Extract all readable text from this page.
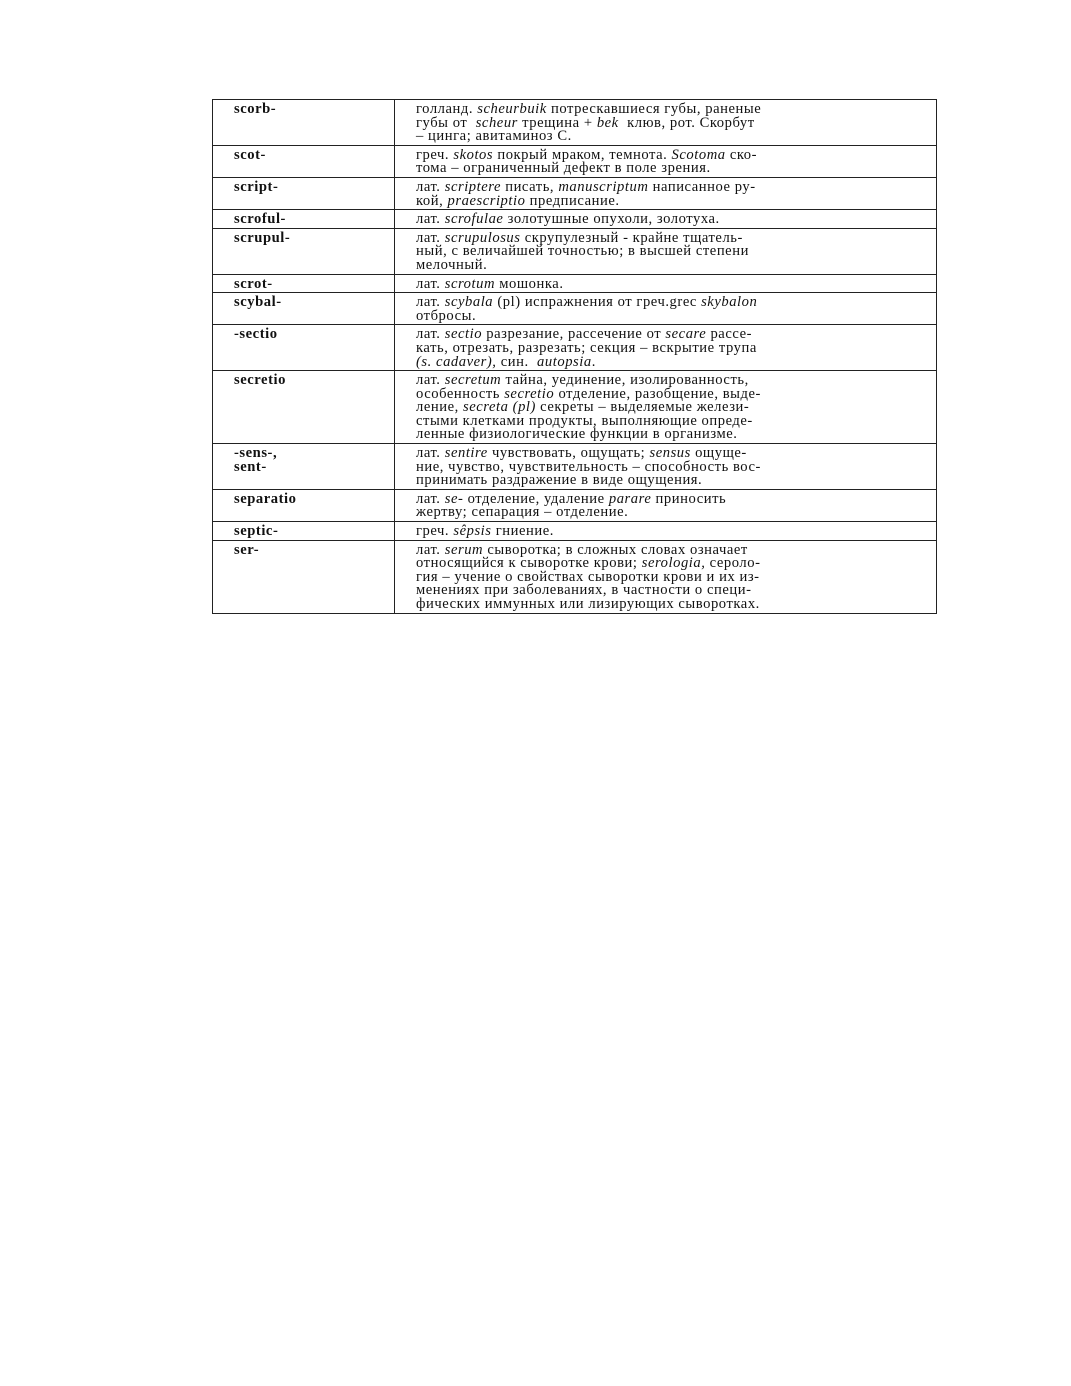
scorb-	голланд. scheurbuik потрескавшиеся губы, раненые
губы от  scheur трещина + bek  клюв, рот. Скорбут
– цинга; авитаминоз С.

scot-	греч. skotos покрый мраком, темнота. Scotoma ско-
тома – ограниченный дефект в поле зрения.

script-	лат. scriptere писать, manuscriptum написанное ру-
кой, praescriptio предписание.

scroful-	лат. scrofulae золотушные опухоли, золотуха.

scrupul-	лат. scrupulosus скрупулезный - крайне тщатель-
ный, с величайшей точностью; в высшей степени
мелочный.

scrot-	лат. scrotum мошонка.

scybal-	лат. scybala (pl) испражнения от греч.grec skybalon
отбросы.

-sectio	лат. sectio разрезание, рассечение от secare рассе-
кать, отрезать, разрезать; секция – вскрытие трупа
(s. cadaver), син.  autopsia.

secretio	лат. secretum тайна, уединение, изолированность,
особенность secretio отделение, разобщение, выде-
ление, secreta (pl) секреты – выделяемые желези-
стыми клетками продукты, выполняющие опреде-
ленные физиологические функции в организме.

-sens-,
sent-	лат. sentire чувствовать, ощущать; sensus ощуще-
ние, чувство, чувствительность – способность вос-
принимать раздражение в виде ощущения.

separatio	лат. se- отделение, удаление parare приносить
жертву; сепарация – отделение.

septic-	греч. sêpsis гниение.

ser-	лат. serum сыворотка; в сложных словах означает
относящийся к сыворотке крови; serologia, сероло-
гия – учение о свойствах сыворотки крови и их из-
менениях при заболеваниях, в частности о специ-
фических иммунных или лизирующих сыворотках.
